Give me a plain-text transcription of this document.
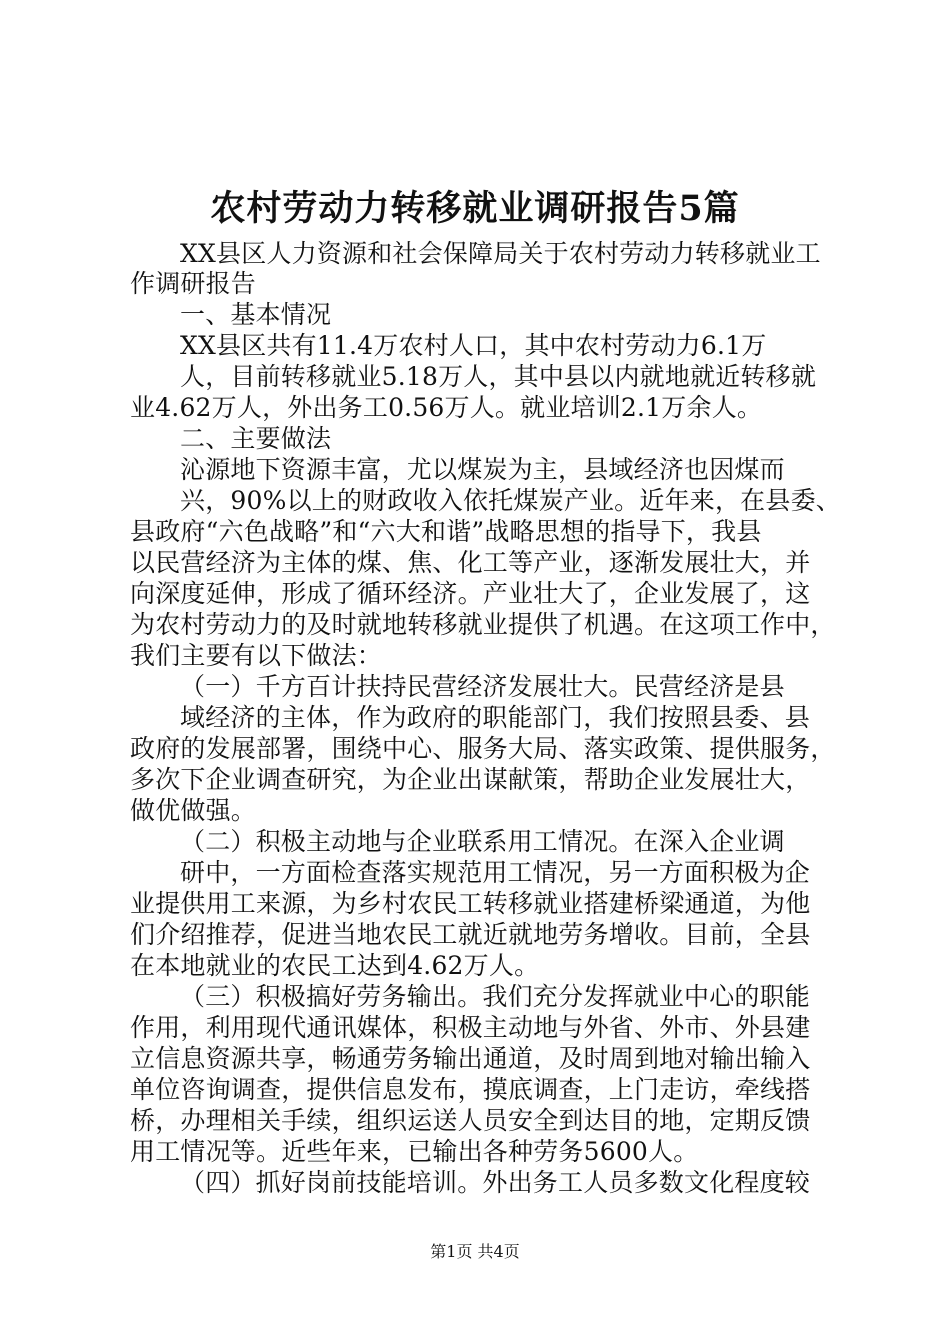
农村劳动力转移就业调研报告5篇
XX县区人力资源和社会保障局关于农村劳动力转移就业工
作调研报告
一、基本情况
XX县区共有11.4万农村人口，其中农村劳动力6.1万
人，目前转移就业5.18万人，其中县以内就地就近转移就
业4.62万人，外出务工0.56万人。就业培训2.1万余人。
二、主要做法
沁源地下资源丰富，尤以煤炭为主，县域经济也因煤而
兴，90%以上的财政收入依托煤炭产业。近年来，在县委、
县政府“六色战略”和“六大和谐”战略思想的指导下，我县
以民营经济为主体的煤、焦、化工等产业，逐渐发展壮大，并
向深度延伸，形成了循环经济。产业壮大了，企业发展了，这
为农村劳动力的及时就地转移就业提供了机遇。在这项工作中，
我们主要有以下做法：
（一）千方百计扶持民营经济发展壮大。民营经济是县
域经济的主体，作为政府的职能部门，我们按照县委、县
政府的发展部署，围绕中心、服务大局、落实政策、提供服务，
多次下企业调查研究，为企业出谋献策，帮助企业发展壮大，
做优做强。
（二）积极主动地与企业联系用工情况。在深入企业调
研中，一方面检查落实规范用工情况，另一方面积极为企
业提供用工来源，为乡村农民工转移就业搭建桥梁通道，为他
们介绍推荐，促进当地农民工就近就地劳务增收。目前，全县
在本地就业的农民工达到4.62万人。
（三）积极搞好劳务输出。我们充分发挥就业中心的职能
作用，利用现代通讯媒体，积极主动地与外省、外市、外县建
立信息资源共享，畅通劳务输出通道，及时周到地对输出输入
单位咨询调查，提供信息发布，摸底调查，上门走访，牵线搭
桥，办理相关手续，组织运送人员安全到达目的地，定期反馈
用工情况等。近些年来，已输出各种劳务5600人。
（四）抓好岗前技能培训。外出务工人员多数文化程度较
第1页 共4页
